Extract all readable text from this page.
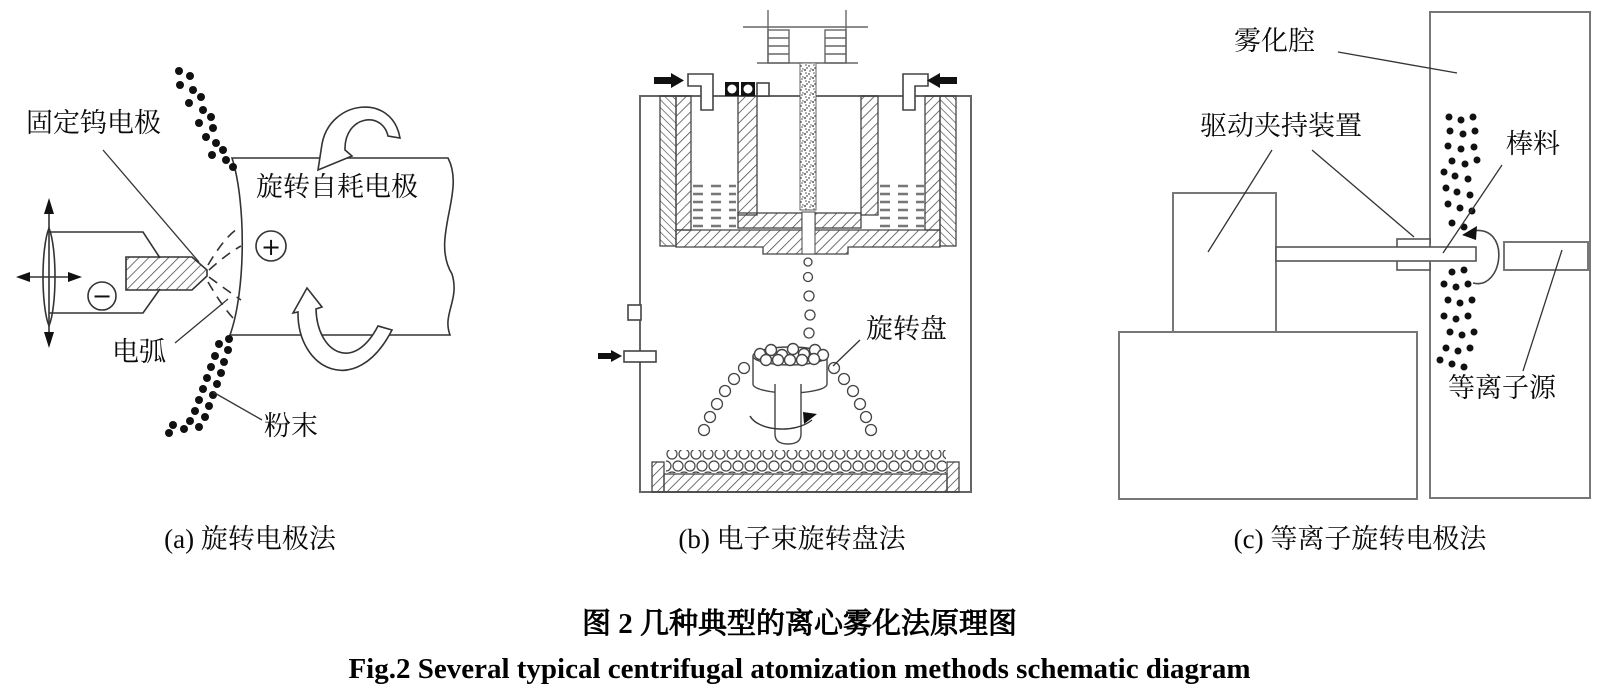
−
+
固定钨电极
旋转自耗电极
电弧
粉末
旋转盘
雾化腔
驱动夹持装置
棒料
等离子源
(a) 旋转电极法	(b) 电子束旋转盘法	(c) 等离子旋转电极法
图 2 几种典型的离心雾化法原理图
Fig.2 Several typical centrifugal atomization methods schematic diagram
